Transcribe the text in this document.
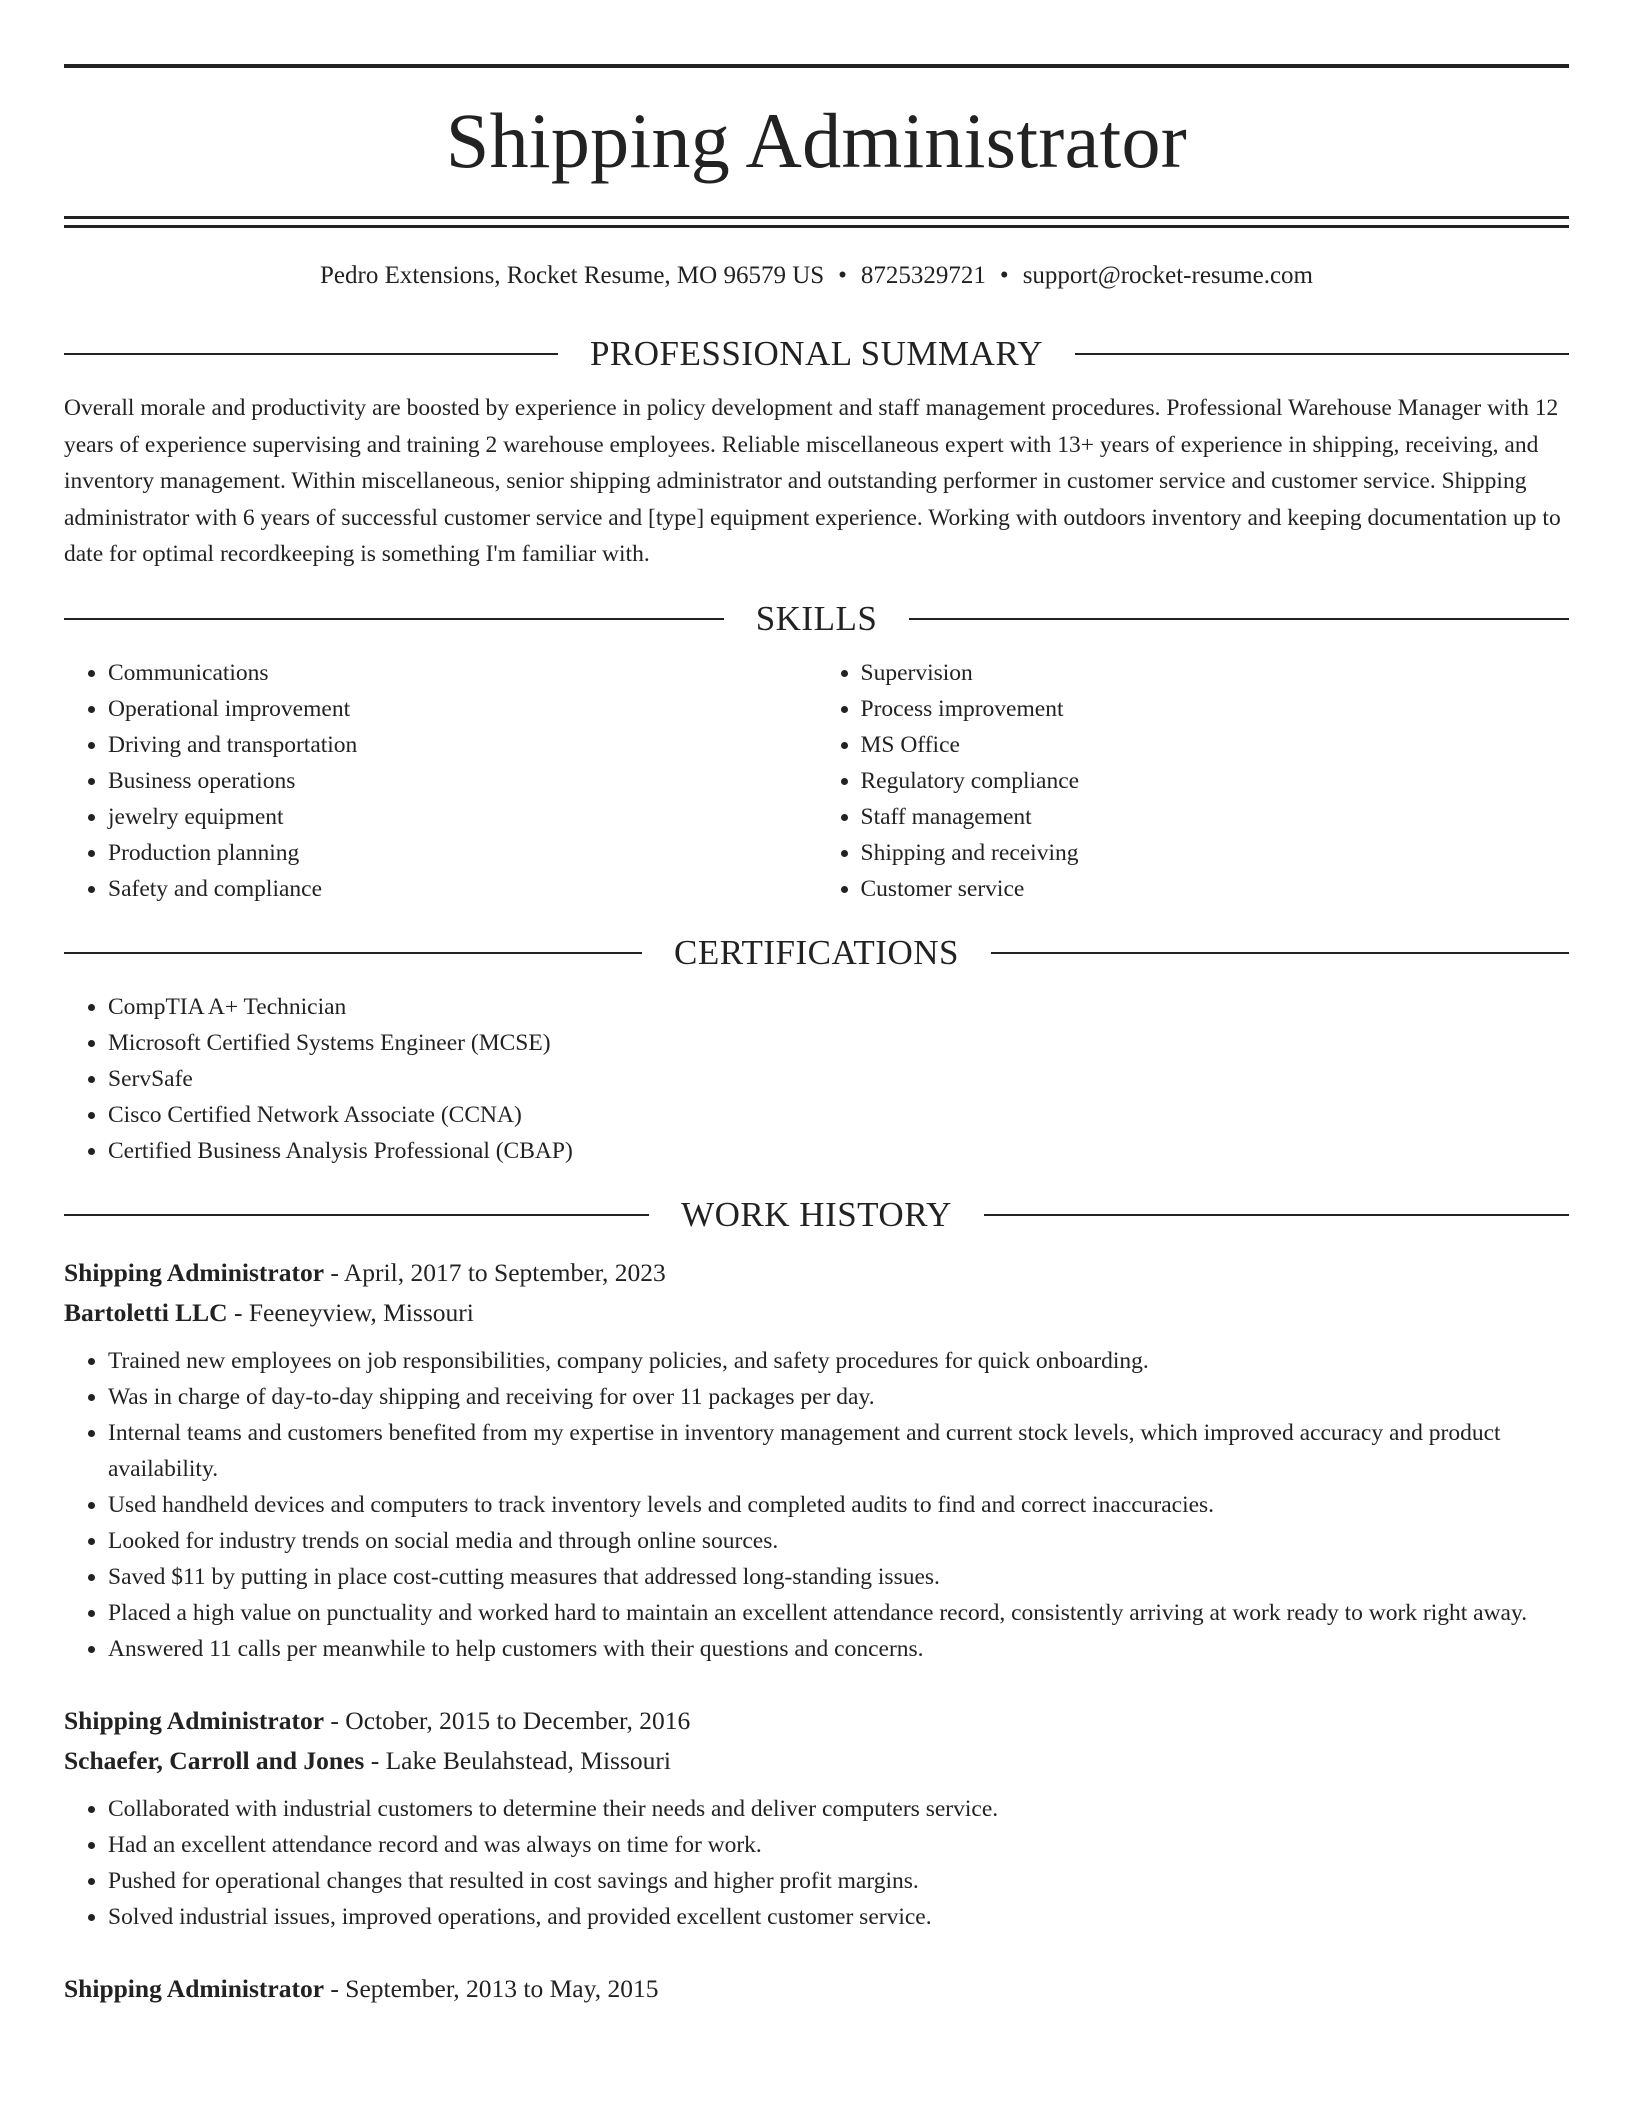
Shipping Administrator
Pedro Extensions, Rocket Resume, MO 96579 US • 8725329721 • support@rocket-resume.com
PROFESSIONAL SUMMARY

Overall morale and productivity are boosted by experience in policy development and staff management procedures. Professional Warehouse Manager with 12 years of experience supervising and training 2 warehouse employees. Reliable miscellaneous expert with 13+ years of experience in shipping, receiving, and inventory management. Within miscellaneous, senior shipping administrator and outstanding performer in customer service and customer service. Shipping administrator with 6 years of successful customer service and [type] equipment experience. Working with outdoors inventory and keeping documentation up to date for optimal recordkeeping is something I'm familiar with.

SKILLS
• Communications
• Operational improvement
• Driving and transportation
• Business operations
• jewelry equipment
• Production planning
• Safety and compliance
• Supervision
• Process improvement
• MS Office
• Regulatory compliance
• Staff management
• Shipping and receiving
• Customer service
CERTIFICATIONS
• CompTIA A+ Technician
• Microsoft Certified Systems Engineer (MCSE)
• ServSafe
• Cisco Certified Network Associate (CCNA)
• Certified Business Analysis Professional (CBAP)
WORK HISTORY
Shipping Administrator - April, 2017 to September, 2023
Bartoletti LLC - Feeneyview, Missouri
• Trained new employees on job responsibilities, company policies, and safety procedures for quick onboarding.
• Was in charge of day-to-day shipping and receiving for over 11 packages per day.
• Internal teams and customers benefited from my expertise in inventory management and current stock levels, which improved accuracy and product availability.
• Used handheld devices and computers to track inventory levels and completed audits to find and correct inaccuracies.
• Looked for industry trends on social media and through online sources.
• Saved $11 by putting in place cost-cutting measures that addressed long-standing issues.
• Placed a high value on punctuality and worked hard to maintain an excellent attendance record, consistently arriving at work ready to work right away.
• Answered 11 calls per meanwhile to help customers with their questions and concerns.
Shipping Administrator - October, 2015 to December, 2016
Schaefer, Carroll and Jones - Lake Beulahstead, Missouri
• Collaborated with industrial customers to determine their needs and deliver computers service.
• Had an excellent attendance record and was always on time for work.
• Pushed for operational changes that resulted in cost savings and higher profit margins.
• Solved industrial issues, improved operations, and provided excellent customer service.
Shipping Administrator - September, 2013 to May, 2015
